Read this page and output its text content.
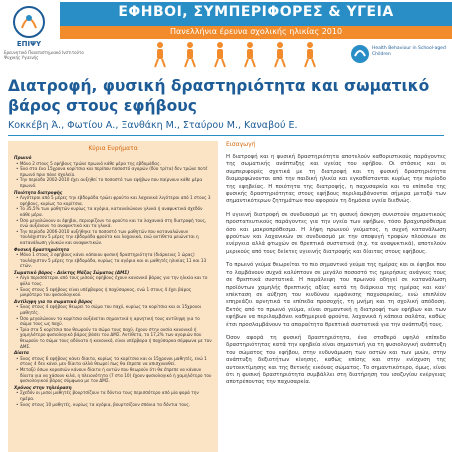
ΕΠΙΨΥ
Ερευνητικό Πανεπιστημιακό Ινστιτούτο Ψυχικής Υγιεινής
ΕΦΗΒΟΙ, ΣΥΜΠΕΡΙΦΟΡΕΣ & ΥΓΕΙΑ
Πανελλήνια έρευνα σχολικής ηλικίας 2010
Health Behaviour in School-aged Children
Διατροφή, φυσική δραστηριότητα και σωματικό βάρος στους εφήβους
Κοκκέβη Ά., Φωτίου Α., Ξανθάκη Μ., Σταύρου Μ., Καναβού Ε.
Κύρια Ευρήματα
Πρωινό
• Μόνο 2 στους 5 εφήβους τρώνε πρωινό κάθε μέρα της εβδομάδας.
• Ένα στα ένα 15χρονα κορίτσια και περίπου ποσοστό αγορών (δύο τρίτα) δεν τρώνε ποτέ πρωινό πριν πάνε σχολείο.
• Την περίοδο 2002-2010 έχει αυξηθεί το ποσοστό των εφήβων που παίρνουν κάθε μέρα πρωινό.
Ποιότητα διατροφής
• Λιγότεροι από 5 μέρες την εβδομάδα τρώει φρούτα και λαχανικά λιγότεροι από 1 στους 3 εφήβους, κυρίως τα κορίτσια.
• Το 35,5% των μαθητών κυρίως τα αγόρια, καταναλώνουν γλυκά ή αναψυκτικά σχεδόν κάθε μέρα.
• Όσο μεγαλώνουν οι έφηβοι, περιορίζουν τα φρούτα και τα λαχανικά στη διατροφή τους, ενώ αυξάνουν τα αναψυκτικά και τα γλυκά.
• Την περίοδο 2006-2010 αυξήθηκε το ποσοστό των μαθητών που καταναλώνουν τουλάχιστον 5 μέρες την εβδομάδα φρούτα και λαχανικά, ενώ αντίθετα μειώνεται η κατανάλωση γλυκών και αναψυκτικών.
Φυσική δραστηριότητα
• Μόνο 1 στους 3 εφήβους κάνει κάποιου φυσική δραστηριότητα (διάρκειας 1 ώρας) τουλάχιστον 5 μέρες την εβδομάδα, κυρίως τα αγόρια και οι μαθητές ηλικίας 11 και 13 ετών.
Σωματικό βάρος - Δείκτης Μάζας Σώματος (ΔΜΣ)
• Λίγο περισσότεροι από τους μισούς εφήβους έχουν κανονικό βάρος για την ηλικία και το φύλο τους.
• Ένας στους 5 εφήβους είναι υπέρβαρος ή παχύσαρκος, ενώ 1 στους 4 έχει βάρος μικρότερο του φυσιολογικού.
Αντίληψη για το σωματικό βάρος
• Ένας στους 4 εφήβους θεωρεί το σώμα του παχύ, κυρίως τα κορίτσια και οι 15χρονοι μαθητές.
• Όσο μεγαλώνουν τα κορίτσια αυξάνεται σημαντικά η αρνητική τους αντίληψη για το σώμα τους ως παχύ.
• Τρία στα 5 κορίτσια που θεωρούν το σώμα τους παχύ, έχουν στην ουσία κανονικό ή χαμηλότερο φυσιολογικό βάρος βάσει του ΔΜΣ. Αντίθετα, το 17,2% των αγοριών που θεωρούν το σώμα τους αδύνατο ή κανονικό, είναι υπέρβαρα ή παχύσαρκα σύμφωνα με τον ΔΜΣ.
Δίαιτα
• Ένας στους 6 εφήβους κάνει δίαιτα, κυρίως τα κορίτσια και οι 15χρονοι μαθητές, ενώ 1 στους 4 δεν κάνει μεν δίαιτα αλλά θεωρεί πως θα έπρεπε να απισχνανθεί.
• Μεταξύ όσων κορασιών κάνουν δίαιτα ή αυτών που θεωρούν ότι θα έπρεπε να κάνουν δίαιτα για να χάσουν κιλά, η πλειονότητα (7 στα 10) έχουν φυσιολογικό ή χαμηλότερο του φυσιολογικού βάρος σύμφωνα με τον ΔΜΣ.
Χρόνος στην τηλεόραση
• Σχεδόν οι μισοί μαθητές βουρτσίζουν τα δόντια τους περισσότερο από μία φορά την ημέρα.
• Ένας στους 10 μαθητές, κυρίως τα αγόρια, βουρτσίζουν σπάνια τα δόντια τους.
Εισαγωγή

Η διατροφή και η φυσική δραστηριότητα αποτελούν καθοριστικούς παράγοντες της σωματικής ανάπτυξης και υγείας του εφήβου. Οι στάσεις και οι συμπεριφορές σχετικά με τη διατροφή και τη φυσική δραστηριότητα διαμορφώνονται από την παιδική ηλικία και εγκαθίστανται κυρίως την περίοδο της εφηβείας. Η ποιότητα της διατροφής, η παχυσαρκία και τα επίπεδα της φυσικής δραστηριότητας στους εφήβους περιλαμβάνονται σήμερα μεταξύ των σημαντικότερων ζητημάτων που αφορούν τη δημόσια υγεία διεθνώς.

Η υγιεινή διατροφή σε συνδυασμό με τη φυσική άσκηση συνιστούν σημαντικούς προστατευτικούς παράγοντες για την υγεία των εφήβων, τόσο βραχυπρόθεσμα όσο και μακροπρόθεσμα. Η λήψη πρωινού γεύματος, η συχνή κατανάλωση φρούτων και λαχανικών σε συνδυασμό με την αποφυγή τροφών πλούσιων σε ενέργεια αλλά φτωχών σε θρεπτικά συστατικά (π.χ. τα αναψυκτικά), αποτελούν μερικούς από τους δείκτες υγιεινής διατροφής και δίαιτας στους εφήβους.

Το πρωινό γεύμα θεωρείται το πιο σημαντικό γεύμα της ημέρας και οι έφηβοι που το λαμβάνουν συχνά καλύπτουν σε μεγάλο ποσοστό τις ημερήσιες ανάγκες τους σε θρεπτικά συστατικά. Η παράλειψη του πρωινού οδηγεί σε κατανάλωση προϊόντων χαμηλής θρεπτικής αξίας κατά τη διάρκεια της ημέρας και καν' επέκταση σε αύξηση του κινδύνου εμφάνισης παχυσαρκίας, ενώ επιπλέον επηρεάζει αρνητικά τα επίπεδα προσοχής, τη μνήμη και τη σχολική απόδοση. Εκτός από το πρωινό γεύμα, είναι σημαντική η διατροφή των εφήβων και των εφήβων να περιλαμβάνει καθημερινά φρούτα, λαχανικά ή κάποια σαλάτα, καθώς έτσι προσλαμβάνουν τα απαραίτητα θρεπτικά συστατικά για την ανάπτυξή τους.

Όσον αφορά τη φυσική δραστηριότητα, ένα σταθερό υψηλό επίπεδο δραστηριότητας κατά την εφηβεία είναι σημαντική για τη φυσιολογική ανάπτυξη του σώματος του εφήβου, στην ενδυνάμωση των οστών και των μυών, στην ανάπτυξη δεξιοτήτων κίνησης, καθώς επίσης και στην ενίσχυση της αυτοεκτίμησης και της θετικής εικόνας σώματος. Το σημαντικότερο, όμως, είναι ότι η φυσική δραστηριότητα συμβάλλει στη διατήρηση του ισοζυγίου ενέργειας αποτρέποντας την παχυσαρκία.
